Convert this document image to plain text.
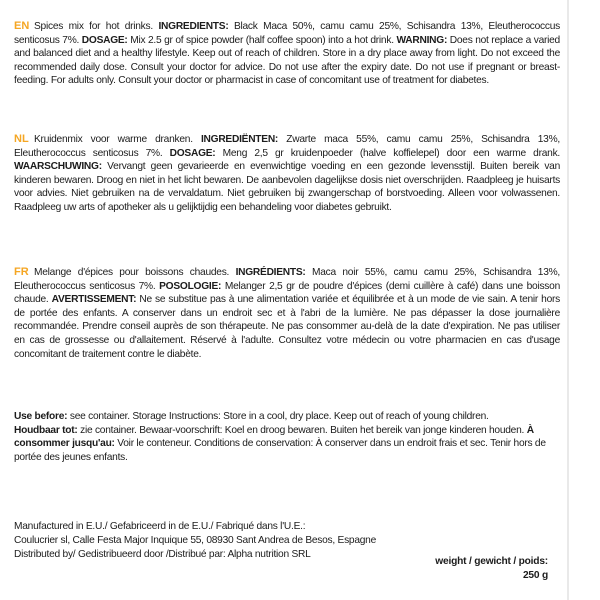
EN Spices mix for hot drinks. INGREDIENTS: Black Maca 50%, camu camu 25%, Schisandra 13%, Eleutherococcus senticosus 7%. DOSAGE: Mix 2.5 gr of spice powder (half coffee spoon) into a hot drink. WARNING: Does not replace a varied and balanced diet and a healthy lifestyle. Keep out of reach of children. Store in a dry place away from light. Do not exceed the recommended daily dose. Consult your doctor for advice. Do not use after the expiry date. Do not use if pregnant or breast-feeding. For adults only. Consult your doctor or pharmacist in case of concomitant use of treatment for diabetes.
NL Kruidenmix voor warme dranken. INGREDIËNTEN: Zwarte maca 55%, camu camu 25%, Schisandra 13%, Eleutherococcus senticosus 7%. DOSAGE: Meng 2,5 gr kruidenpoeder (halve koffielepel) door een warme drank. WAARSCHUWING: Vervangt geen gevarieerde en evenwichtige voeding en een gezonde levensstijl. Buiten bereik van kinderen bewaren. Droog en niet in het licht bewaren. De aanbevolen dagelijkse dosis niet overschrijden. Raadpleeg je huisarts voor advies. Niet gebruiken na de vervaldatum. Niet gebruiken bij zwangerschap of borstvoeding. Alleen voor volwassenen. Raadpleeg uw arts of apotheker als u gelijktijdig een behandeling voor diabetes gebruikt.
FR Melange d'épices pour boissons chaudes. INGRÉDIENTS: Maca noir 55%, camu camu 25%, Schisandra 13%, Eleutherococcus senticosus 7%. POSOLOGIE: Melanger 2,5 gr de poudre d'épices (demi cuillère à café) dans une boisson chaude. AVERTISSEMENT: Ne se substitue pas à une alimentation variée et équilibrée et à un mode de vie sain. A tenir hors de portée des enfants. A conserver dans un endroit sec et à l'abri de la lumière. Ne pas dépasser la dose journalière recommandée. Prendre conseil auprès de son thérapeute. Ne pas consommer au-delà de la date d'expiration. Ne pas utiliser en cas de grossesse ou d'allaitement. Réservé à l'adulte. Consultez votre médecin ou votre pharmacien en cas d'usage concomitant de traitement contre le diabète.
Use before: see container. Storage Instructions: Store in a cool, dry place. Keep out of reach of young children.
Houdbaar tot: zie container. Bewaar-voorschrift: Koel en droog bewaren. Buiten het bereik van jonge kinderen houden. À consommer jusqu'au: Voir le conteneur. Conditions de conservation: À conserver dans un endroit frais et sec. Tenir hors de portée des jeunes enfants.
Manufactured in E.U./ Gefabriceerd in de E.U./ Fabriqué dans l'U.E.:
Coulucrier sl, Calle Festa Major Inquique 55, 08930 Sant Andrea de Besos, Espagne
Distributed by/ Gedistribueerd door /Distribué par: Alpha nutrition SRL
weight / gewicht / poids:
250 g
